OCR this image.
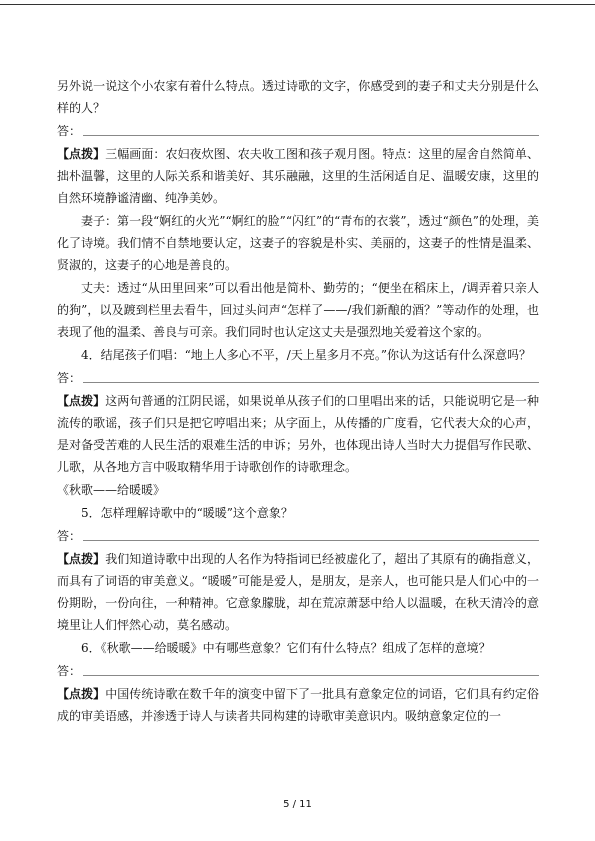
另外说一说这个小农家有着什么特点。透过诗歌的文字，你感受到的妻子和丈夫分别是什么样的人？

答：

【点拨】三幅画面：农妇夜炊图、农夫收工图和孩子观月图。特点：这里的屋舍自然简单、拙朴温馨，这里的人际关系和谐美好、其乐融融，这里的生活闲适自足、温暖安康，这里的自然环境静谧清幽、纯净美妙。

妻子：第一段“婀红的火光”“婀红的脸”“闪红”的“青布的衣裳”，透过“颜色”的处理，美化了诗境。我们情不自禁地要认定，这妻子的容貌是朴实、美丽的，这妻子的性情是温柔、贤淑的，这妻子的心地是善良的。

丈夫：透过“从田里回来”可以看出他是简朴、勤劳的；“便坐在稻床上，/调弄着只亲人的狗”，以及踱到栏里去看牛，回过头问声“怎样了——/我们新酿的酒？”等动作的处理，也表现了他的温柔、善良与可亲。我们同时也认定这丈夫是强烈地关爱着这个家的。

4．结尾孩子们唱：“地上人多心不平，/天上星多月不亮。”你认为这话有什么深意吗？

答：

【点拨】这两句普通的江阴民谣，如果说单从孩子们的口里唱出来的话，只能说明它是一种流传的歌谣，孩子们只是把它哼唱出来；从字面上，从传播的广度看，它代表大众的心声，是对备受苦难的人民生活的艰难生活的申诉；另外，也体现出诗人当时大力提倡写作民歌、儿歌，从各地方言中吸取精华用于诗歌创作的诗歌理念。

《秋歌——给暖暖》

5．怎样理解诗歌中的“暖暖”这个意象？

答：

【点拨】我们知道诗歌中出现的人名作为特指词已经被虚化了，超出了其原有的确指意义，而具有了词语的审美意义。“暖暖”可能是爱人，是朋友，是亲人，也可能只是人们心中的一份期盼，一份向往，一种精神。它意象朦胧，却在荒凉萧瑟中给人以温暖，在秋天清冷的意境里让人们怦然心动，莫名感动。

6．《秋歌——给暖暖》中有哪些意象？它们有什么特点？组成了怎样的意境？

答：

【点拨】中国传统诗歌在数千年的演变中留下了一批具有意象定位的词语，它们具有约定俗成的审美语感，并渗透于诗人与读者共同构建的诗歌审美意识内。吸纳意象定位的一

5 / 11
